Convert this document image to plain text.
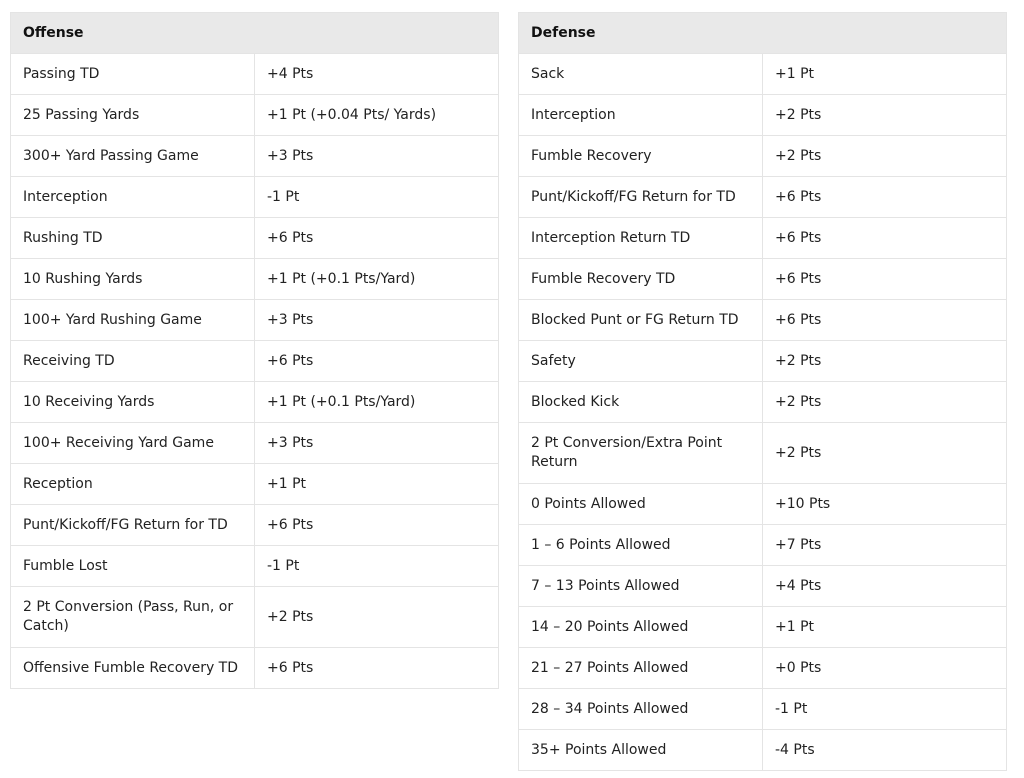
Offense	
Passing TD	+4 Pts
25 Passing Yards	+1 Pt (+0.04 Pts/ Yards)
300+ Yard Passing Game	+3 Pts
Interception	-1 Pt
Rushing TD	+6 Pts
10 Rushing Yards	+1 Pt (+0.1 Pts/Yard)
100+ Yard Rushing Game	+3 Pts
Receiving TD	+6 Pts
10 Receiving Yards	+1 Pt (+0.1 Pts/Yard)
100+ Receiving Yard Game	+3 Pts
Reception	+1 Pt
Punt/Kickoff/FG Return for TD	+6 Pts
Fumble Lost	-1 Pt
2 Pt Conversion (Pass, Run, or Catch)	+2 Pts
Offensive Fumble Recovery TD	+6 Pts
Defense	
Sack	+1 Pt
Interception	+2 Pts
Fumble Recovery	+2 Pts
Punt/Kickoff/FG Return for TD	+6 Pts
Interception Return TD	+6 Pts
Fumble Recovery TD	+6 Pts
Blocked Punt or FG Return TD	+6 Pts
Safety	+2 Pts
Blocked Kick	+2 Pts
2 Pt Conversion/Extra Point Return	+2 Pts
0 Points Allowed	+10 Pts
1 – 6 Points Allowed	+7 Pts
7 – 13 Points Allowed	+4 Pts
14 – 20 Points Allowed	+1 Pt
21 – 27 Points Allowed	+0 Pts
28 – 34 Points Allowed	-1 Pt
35+ Points Allowed	-4 Pts
